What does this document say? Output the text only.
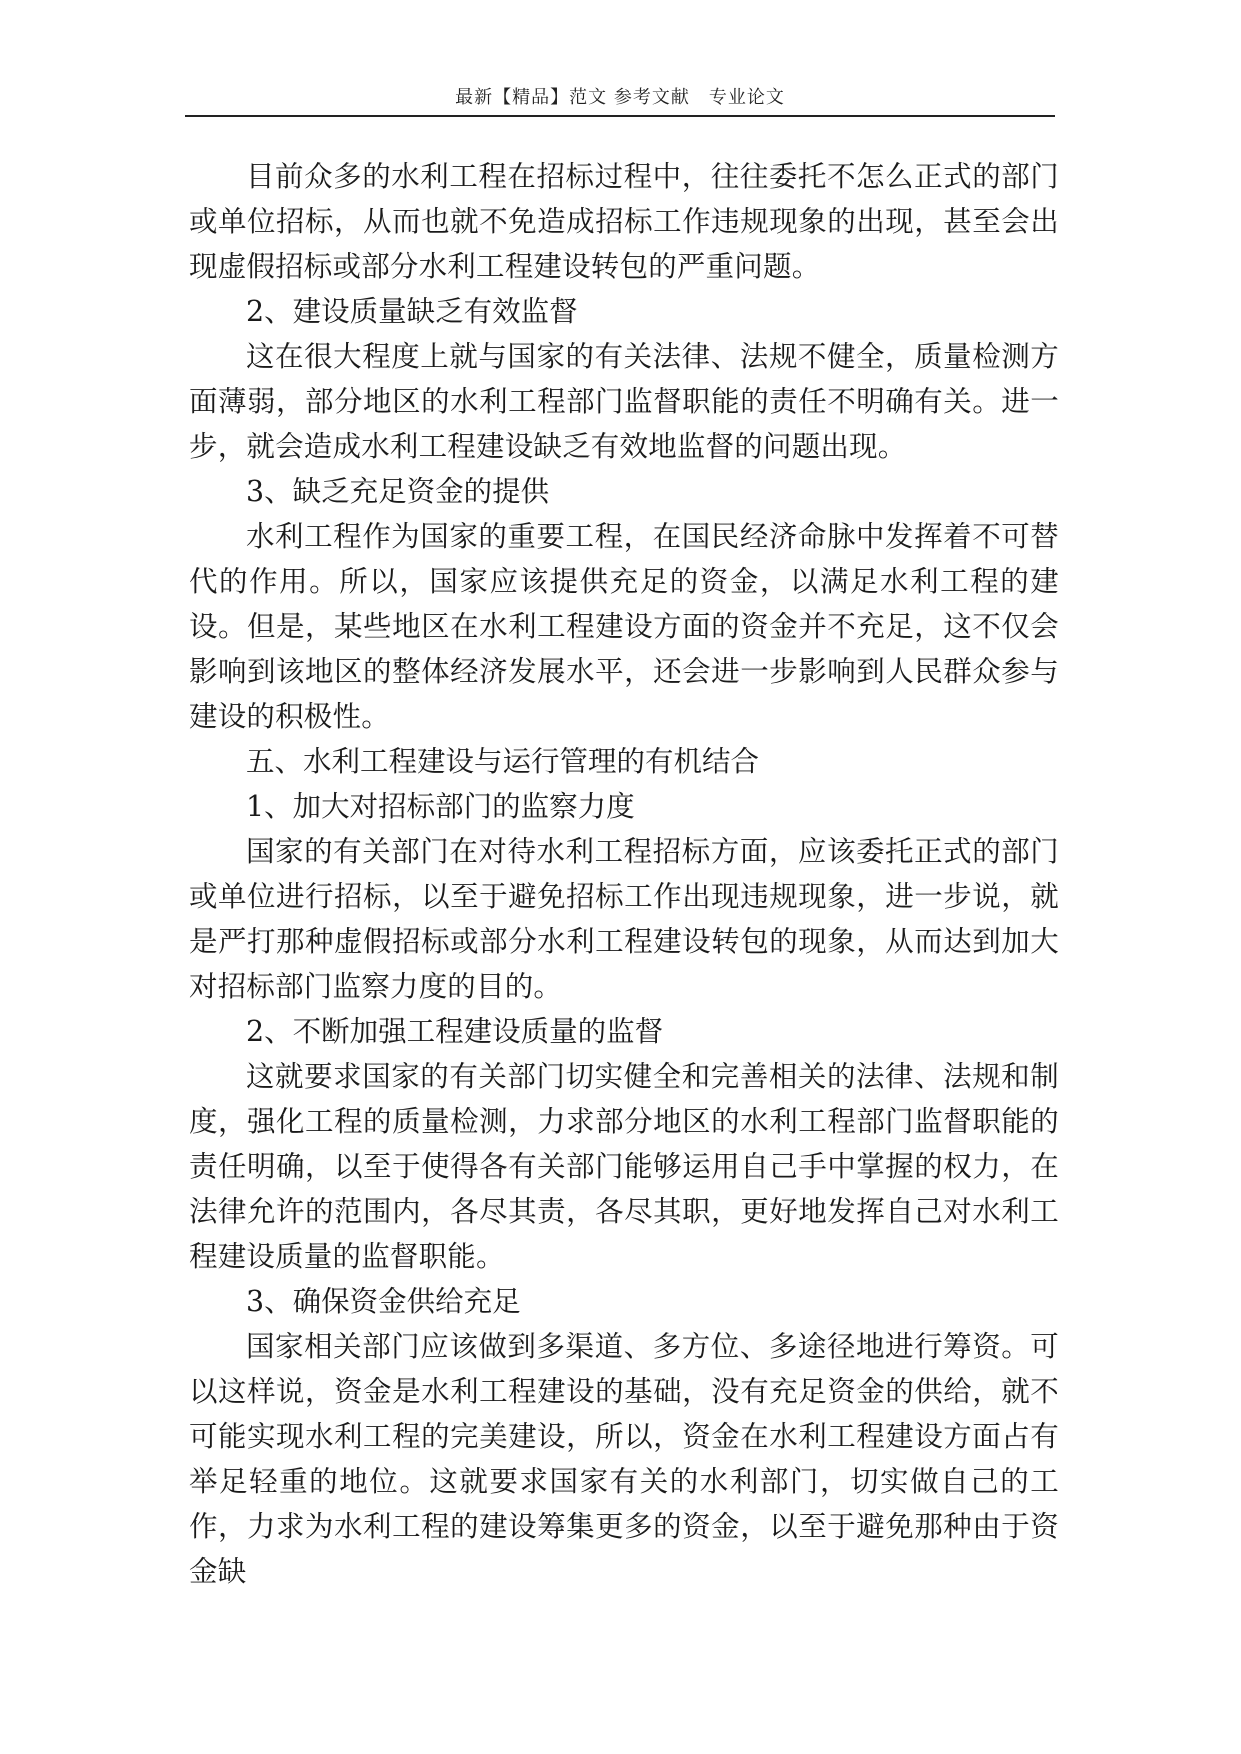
最新【精品】范文 参考文献　专业论文

目前众多的水利工程在招标过程中，往往委托不怎么正式的部门或单位招标，从而也就不免造成招标工作违规现象的出现，甚至会出现虚假招标或部分水利工程建设转包的严重问题。

2、建设质量缺乏有效监督

这在很大程度上就与国家的有关法律、法规不健全，质量检测方面薄弱，部分地区的水利工程部门监督职能的责任不明确有关。进一步，就会造成水利工程建设缺乏有效地监督的问题出现。

3、缺乏充足资金的提供

水利工程作为国家的重要工程，在国民经济命脉中发挥着不可替代的作用。所以，国家应该提供充足的资金，以满足水利工程的建设。但是，某些地区在水利工程建设方面的资金并不充足，这不仅会影响到该地区的整体经济发展水平，还会进一步影响到人民群众参与建设的积极性。

五、水利工程建设与运行管理的有机结合

1、加大对招标部门的监察力度

国家的有关部门在对待水利工程招标方面，应该委托正式的部门或单位进行招标，以至于避免招标工作出现违规现象，进一步说，就是严打那种虚假招标或部分水利工程建设转包的现象，从而达到加大对招标部门监察力度的目的。

2、不断加强工程建设质量的监督

这就要求国家的有关部门切实健全和完善相关的法律、法规和制度，强化工程的质量检测，力求部分地区的水利工程部门监督职能的责任明确，以至于使得各有关部门能够运用自己手中掌握的权力，在法律允许的范围内，各尽其责，各尽其职，更好地发挥自己对水利工程建设质量的监督职能。

3、确保资金供给充足

国家相关部门应该做到多渠道、多方位、多途径地进行筹资。可以这样说，资金是水利工程建设的基础，没有充足资金的供给，就不可能实现水利工程的完美建设，所以，资金在水利工程建设方面占有举足轻重的地位。这就要求国家有关的水利部门，切实做自己的工作，力求为水利工程的建设筹集更多的资金，以至于避免那种由于资金缺
